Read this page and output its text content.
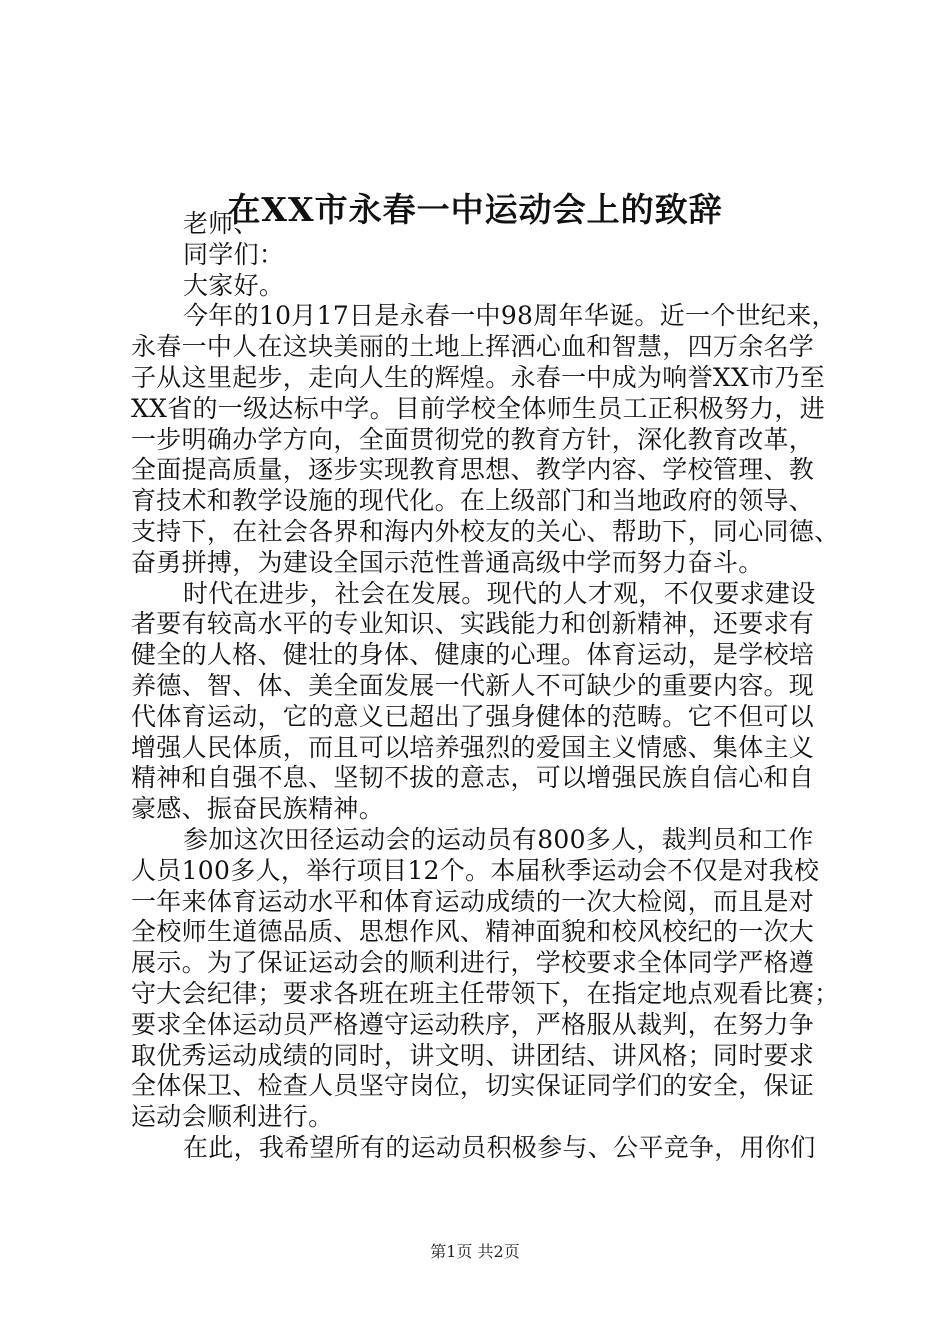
在XX市永春一中运动会上的致辞
老师、
同学们：
大家好。
今年的10月17日是永春一中98周年华诞。近一个世纪来，
永春一中人在这块美丽的土地上挥洒心血和智慧，四万余名学
子从这里起步，走向人生的辉煌。永春一中成为响誉XX市乃至
XX省的一级达标中学。目前学校全体师生员工正积极努力，进
一步明确办学方向，全面贯彻党的教育方针，深化教育改革，
全面提高质量，逐步实现教育思想、教学内容、学校管理、教
育技术和教学设施的现代化。在上级部门和当地政府的领导、
支持下，在社会各界和海内外校友的关心、帮助下，同心同德、
奋勇拼搏，为建设全国示范性普通高级中学而努力奋斗。
时代在进步，社会在发展。现代的人才观，不仅要求建设
者要有较高水平的专业知识、实践能力和创新精神，还要求有
健全的人格、健壮的身体、健康的心理。体育运动，是学校培
养德、智、体、美全面发展一代新人不可缺少的重要内容。现
代体育运动，它的意义已超出了强身健体的范畴。它不但可以
增强人民体质，而且可以培养强烈的爱国主义情感、集体主义
精神和自强不息、坚韧不拔的意志，可以增强民族自信心和自
豪感、振奋民族精神。
参加这次田径运动会的运动员有800多人，裁判员和工作
人员100多人，举行项目12个。本届秋季运动会不仅是对我校
一年来体育运动水平和体育运动成绩的一次大检阅，而且是对
全校师生道德品质、思想作风、精神面貌和校风校纪的一次大
展示。为了保证运动会的顺利进行，学校要求全体同学严格遵
守大会纪律；要求各班在班主任带领下，在指定地点观看比赛；
要求全体运动员严格遵守运动秩序，严格服从裁判，在努力争
取优秀运动成绩的同时，讲文明、讲团结、讲风格；同时要求
全体保卫、检查人员坚守岗位，切实保证同学们的安全，保证
运动会顺利进行。
在此，我希望所有的运动员积极参与、公平竞争，用你们
第1页 共2页
